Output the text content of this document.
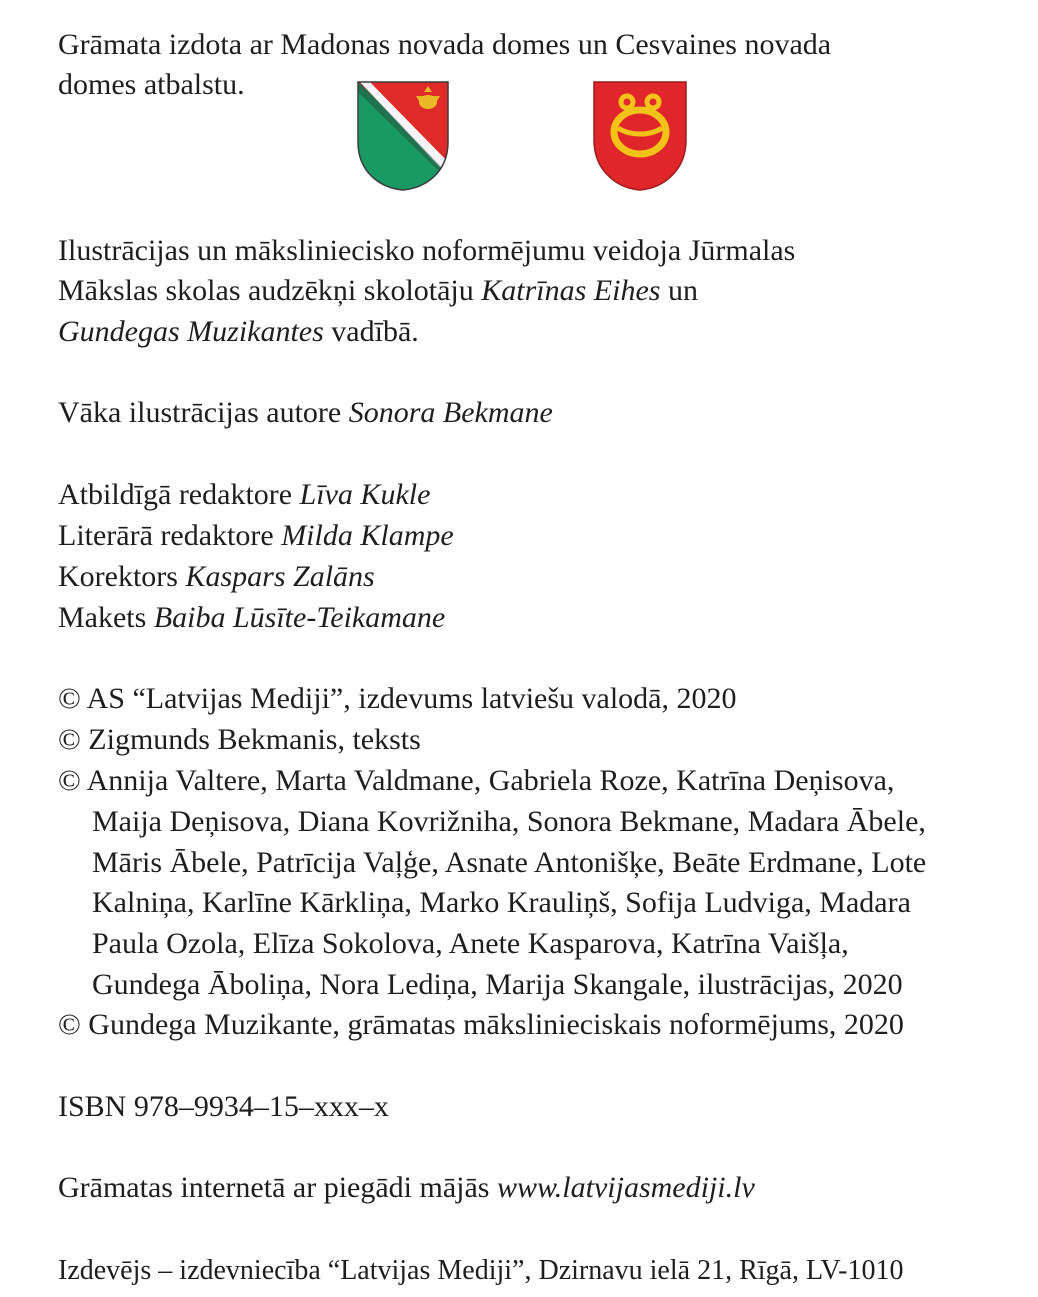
Grāmata izdota ar Madonas novada domes un Cesvaines novada
domes atbalstu.
Ilustrācijas un mākslinieciskо noformējumu veidoja Jūrmalas
Mākslas skolas audzēkņi skolotāju Katrīnas Eihes un
Gundegas Muzikantes vadībā.
Vāka ilustrācijas autore Sonora Bekmane
Atbildīgā redaktore Līva Kukle
Literārā redaktore Milda Klampe
Korektors Kaspars Zalāns
Makets Baiba Lūsīte-Teikamane
© AS “Latvijas Mediji”, izdevums latviešu valodā, 2020
© Zigmunds Bekmanis, teksts
© Annija Valtere, Marta Valdmane, Gabriela Roze, Katrīna Deņisova,
Maija Deņisova, Diana Kovrižniha, Sonora Bekmane, Madara Ābele,
Māris Ābele, Patrīcija Vaļģe, Asnate Antonišķe, Beāte Erdmane, Lote
Kalniņa, Karlīne Kārkliņa, Marko Krauliņš, Sofija Ludviga, Madara
Paula Ozola, Elīza Sokolova, Anete Kasparova, Katrīna Vaišļa,
Gundega Āboliņa, Nora Lediņa, Marija Skangale, ilustrācijas, 2020
© Gundega Muzikante, grāmatas mākslinieciskais noformējums, 2020
ISBN 978–9934–15–xxx–x
Grāmatas internetā ar piegādi mājās www.latvijasmediji.lv
Izdevējs – izdevniecība “Latvijas Mediji”, Dzirnavu ielā 21, Rīgā, LV-1010
